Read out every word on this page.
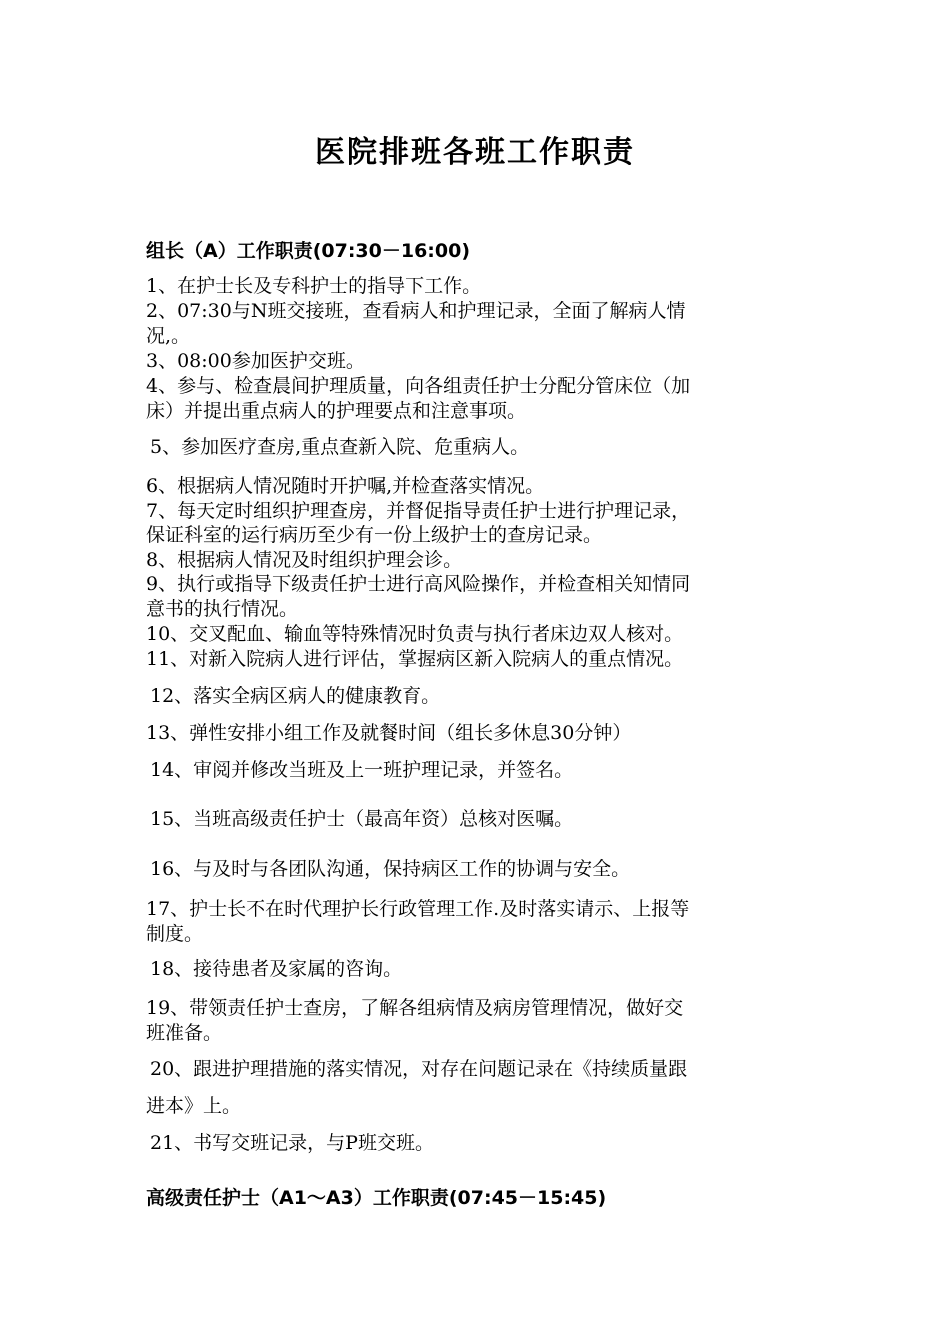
医院排班各班工作职责
组长（A）工作职责(07:30－16:00)
1、在护士长及专科护士的指导下工作。
2、07:30与N班交接班，查看病人和护理记录，全面了解病人情
况,。
3、08:00参加医护交班。
4、参与、检查晨间护理质量，向各组责任护士分配分管床位（加
床）并提出重点病人的护理要点和注意事项。
5、参加医疗查房,重点查新入院、危重病人。
6、根据病人情况随时开护嘱,并检查落实情况。
7、每天定时组织护理查房，并督促指导责任护士进行护理记录，
保证科室的运行病历至少有一份上级护士的查房记录。
8、根据病人情况及时组织护理会诊。
9、执行或指导下级责任护士进行高风险操作，并检查相关知情同
意书的执行情况。
10、交叉配血、输血等特殊情况时负责与执行者床边双人核对。
11、对新入院病人进行评估，掌握病区新入院病人的重点情况。
12、落实全病区病人的健康教育。
13、弹性安排小组工作及就餐时间（组长多休息30分钟）
14、审阅并修改当班及上一班护理记录，并签名。
15、当班高级责任护士（最高年资）总核对医嘱。
16、与及时与各团队沟通，保持病区工作的协调与安全。
17、护士长不在时代理护长行政管理工作.及时落实请示、上报等
制度。
18、接待患者及家属的咨询。
19、带领责任护士查房，了解各组病情及病房管理情况，做好交
班准备。
20、跟进护理措施的落实情况，对存在问题记录在《持续质量跟
进本》上。
21、书写交班记录，与P班交班。
高级责任护士（A1～A3）工作职责(07:45－15:45)
